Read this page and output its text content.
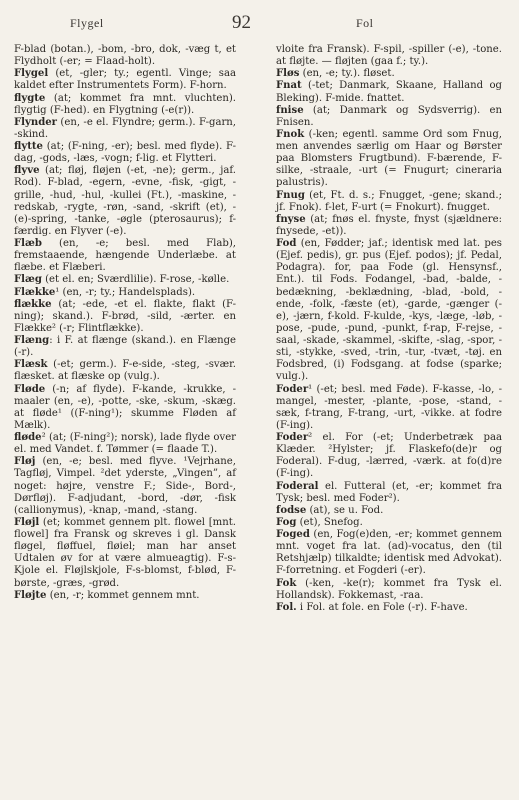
Flygel	92	Fol

F-blad (botan.), -bom, -bro, dok, -væg t, et Flydholt (-er; = Flaad-holt).

Flygel (et, -gler; ty.; egentl. Vinge; saa kaldet efter Instrumentets Form). F-horn.

flygte (at; kommet fra mnt. vluchten). flygtig (F-hed). en Flygtning (-e(r)).

Flynder (en, -e el. Flyndre; germ.). F-garn, -skind.

flytte (at; (F-ning, -er); besl. med flyde). F-dag, -gods, -læs, -vogn; f-lig. et Flytteri.

flyve (at; fløj, fløjen (-et, -ne); germ., jaf. Rod). F-blad, -egern, -evne, -fisk, -gigt, -grille, -hud, -hul, -kullei (Ft.), -maskine, -redskab, -rygte, -røn, -sand, -skrift (et), -(e)-spring, -tanke, -øgle (pterosaurus); f-færdig. en Flyver (-e).

Flæb (en, -e; besl. med Flab), fremstaaende, hængende Underlæbe. at flæbe. et Flæberi.

Flæg (et el. en; Sværdlilie). F-rose, -kølle.

Flække¹ (en, -r; ty.; Handelsplads).

flække (at; -ede, -et el. flakte, flakt (F-ning); skand.). F-brød, -sild, -ærter. en Flække² (-r; Flintflække).

Flæng: i F. at flænge (skand.). en Flænge (-r).

Flæsk (-et; germ.). F-e-side, -steg, -svær. flæsket. at flæske op (vulg.).

Fløde (-n; af flyde). F-kande, -krukke, -maaler (en, -e), -potte, -ske, -skum, -skæg. at fløde¹ ((F-ning¹); skumme Fløden af Mælk).

fløde² (at; (F-ning²); norsk), lade flyde over el. med Vandet. f. Tømmer (= flaade T.).

Fløj (en, -e; besl. med flyve. ¹Vejrhane, Tagfløj, Vimpel. ²det yderste, „Vingen”, af noget: højre, venstre F.; Side-, Bord-, Dørfløj). F-adjudant, -bord, -dør, -fisk (callionymus), -knap, -mand, -stang.

Fløjl (et; kommet gennem plt. flowel [mnt. flowel] fra Fransk og skreves i gl. Dansk fløgel, fløffuel, fløiel; man har anset Udtalen øv for at være almuеagtig). F-s-Kjole el. Fløjlskjole, F-s-blomst, f-blød, F-børste, -græs, -grød.

Fløjte (en, -r; kommet gennem mnt.

vloite fra Fransk). F-spil, -spiller (-e), -tone. at fløjte. — fløjten (gaa f.; ty.).

Fløs (en, -e; ty.). fløset.

Fnat (-tet; Danmark, Skaane, Halland og Bleking). F-mide. fnattet.

fnise (at; Danmark og Sydsverrig). en Fnisen.

Fnok (-ken; egentl. samme Ord som Fnug, men anvendes særlig om Haar og Børster paa Blomsters Frugtbund). F-bærende, F-silke, -straale, -urt (= Fnugurt; cineraria palustris).

Fnug (et, Ft. d. s.; Fnugget, -gene; skand.; jf. Fnok). f-let, F-urt (= Fnokurt). fnugget.

fnyse (at; fnøs el. fnyste, fnyst (sjældnere: fnysede, -et)).

Fod (en, Fødder; jaf.; identisk med lat. pes (Ejef. pedis), gr. pus (Ejef. podos); jf. Pedal, Podagra). for, paa Fode (gl. Hensynsf., Ent.). til Fods. Fodangel, -bad, -balde, -bedækning, -beklædning, -blad, -bold, -ende, -folk, -fæste (et), -garde, -gænger (-e), -jærn, f-kold. F-kulde, -kys, -læge, -løb, -pose, -pude, -pund, -punkt, f-rap, F-rejse, -saal, -skade, -skammel, -skifte, -slag, -spor, -sti, -stykke, -sved, -trin, -tur, -tvæt, -tøj. en Fodsbred, (i) Fodsgang. at fodse (sparke; vulg.).

Foder¹ (-et; besl. med Føde). F-kasse, -lo, -mangel, -mester, -plante, -pose, -stand, -sæk, f-trang, F-trang, -urt, -vikke. at fodre (F-ing).

Foder² el. For (-et; Underbetræk paa Klæder. ²Hylster; jf. Flaskefo(de)r og Foderal). F-dug, -lærred, -værk. at fo(d)re (F-ing).

Foderal el. Futteral (et, -er; kommet fra Tysk; besl. med Foder²).

fodse (at), se u. Fod.

Fog (et), Snefog.

Foged (en, Fog(e)den, -er; kommet gennem mnt. voget fra lat. (ad)-vocatus, den (til Retshjælp) tilkaldte; identisk med Advokat). F-forretning. et Fogderi (-er).

Fok (-ken, -ke(r); kommet fra Tysk el. Hollandsk). Fokkemast, -raa.

Fol. i Fol. at fole. en Fole (-r). F-have.
